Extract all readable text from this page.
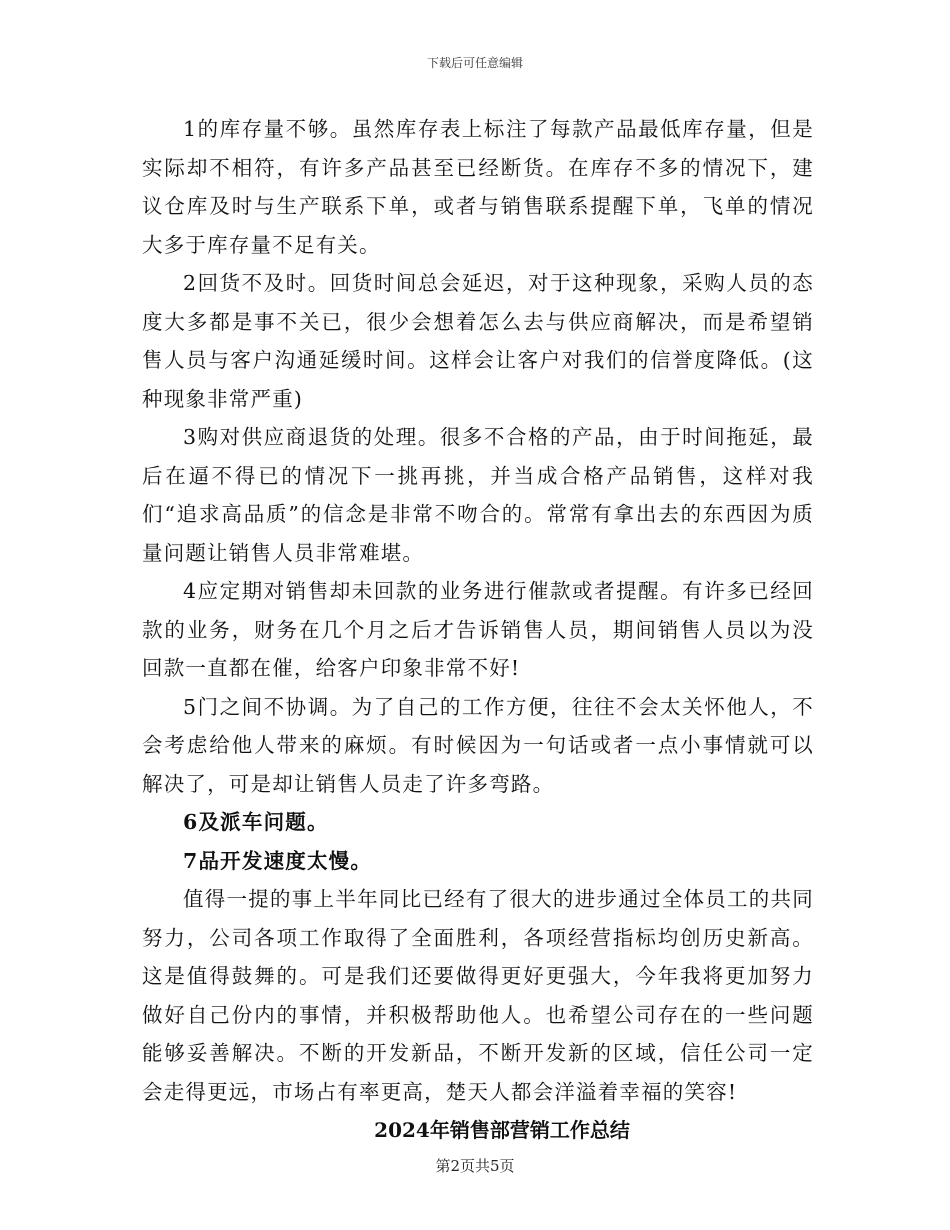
下载后可任意编辑

1的库存量不够。虽然库存表上标注了每款产品最低库存量，但是实际却不相符，有许多产品甚至已经断货。在库存不多的情况下，建议仓库及时与生产联系下单，或者与销售联系提醒下单，飞单的情况大多于库存量不足有关。

2回货不及时。回货时间总会延迟，对于这种现象，采购人员的态度大多都是事不关已，很少会想着怎么去与供应商解决，而是希望销售人员与客户沟通延缓时间。这样会让客户对我们的信誉度降低。(这种现象非常严重)

3购对供应商退货的处理。很多不合格的产品，由于时间拖延，最后在逼不得已的情况下一挑再挑，并当成合格产品销售，这样对我们“追求高品质”的信念是非常不吻合的。常常有拿出去的东西因为质量问题让销售人员非常难堪。

4应定期对销售却未回款的业务进行催款或者提醒。有许多已经回款的业务，财务在几个月之后才告诉销售人员，期间销售人员以为没回款一直都在催，给客户印象非常不好!

5门之间不协调。为了自己的工作方便，往往不会太关怀他人，不会考虑给他人带来的麻烦。有时候因为一句话或者一点小事情就可以解决了，可是却让销售人员走了许多弯路。

6及派车问题。

7品开发速度太慢。

值得一提的事上半年同比已经有了很大的进步通过全体员工的共同努力，公司各项工作取得了全面胜利，各项经营指标均创历史新高。这是值得鼓舞的。可是我们还要做得更好更强大，今年我将更加努力做好自己份内的事情，并积极帮助他人。也希望公司存在的一些问题能够妥善解决。不断的开发新品，不断开发新的区域，信任公司一定会走得更远，市场占有率更高，楚天人都会洋溢着幸福的笑容!

2024年销售部营销工作总结
第2页共5页
